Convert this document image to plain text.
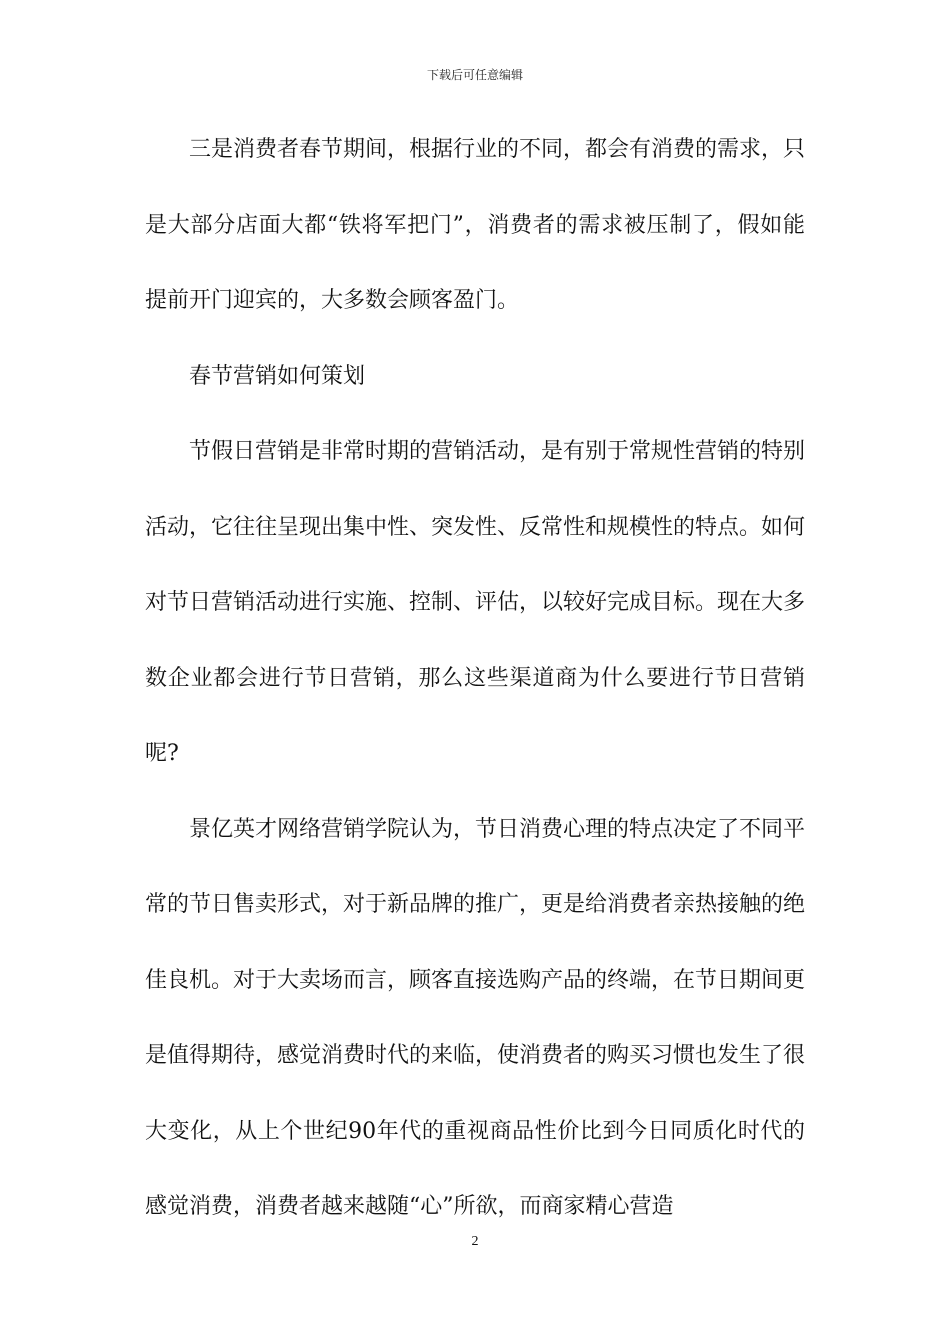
下载后可任意编辑

三是消费者春节期间，根据行业的不同，都会有消费的需求，只是大部分店面大都“铁将军把门”，消费者的需求被压制了，假如能提前开门迎宾的，大多数会顾客盈门。

春节营销如何策划

节假日营销是非常时期的营销活动，是有别于常规性营销的特别活动，它往往呈现出集中性、突发性、反常性和规模性的特点。如何对节日营销活动进行实施、控制、评估，以较好完成目标。现在大多数企业都会进行节日营销，那么这些渠道商为什么要进行节日营销呢?

景亿英才网络营销学院认为，节日消费心理的特点决定了不同平常的节日售卖形式，对于新品牌的推广，更是给消费者亲热接触的绝佳良机。对于大卖场而言，顾客直接选购产品的终端，在节日期间更是值得期待，感觉消费时代的来临，使消费者的购买习惯也发生了很大变化，从上个世纪90年代的重视商品性价比到今日同质化时代的感觉消费，消费者越来越随“心”所欲，而商家精心营造

2
